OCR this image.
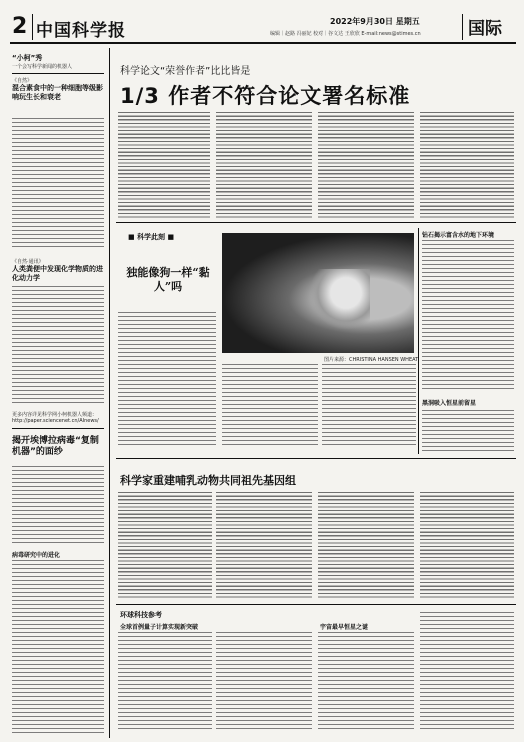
2 中国科学报	2022年9月30日 星期五
编辑｜赵路 冯丽妃 校对｜谷文达 王欣欣 E-mail:news@stimes.cn	国际
“小柯”秀
一个会写科学新闻的机器人
《自然》
混合素食中的一种细胞等级影响玩生长和衰老
《自然·通讯》
人类粪便中发现化学物质的进化动力学
更多内容详见科学网小柯机器人频道：http://paper.sciencenet.cn/AInews/
揭开埃博拉病毒“复制机器”的面纱
病毒研究中的进化
科学论文“荣誉作者”比比皆是
1/3 作者不符合论文署名标准
■ 科学此刻 ■
独能像狗一样“黏人”吗
图片来源：CHRISTINA HANSEN WHEAT
钻石揭示富含水的地下环境
黑洞吸入恒星前留星
科学家重建哺乳动物共同祖先基因组
环球科技参考
全球首例量子计算实现新突破	宇宙最早恒星之谜
